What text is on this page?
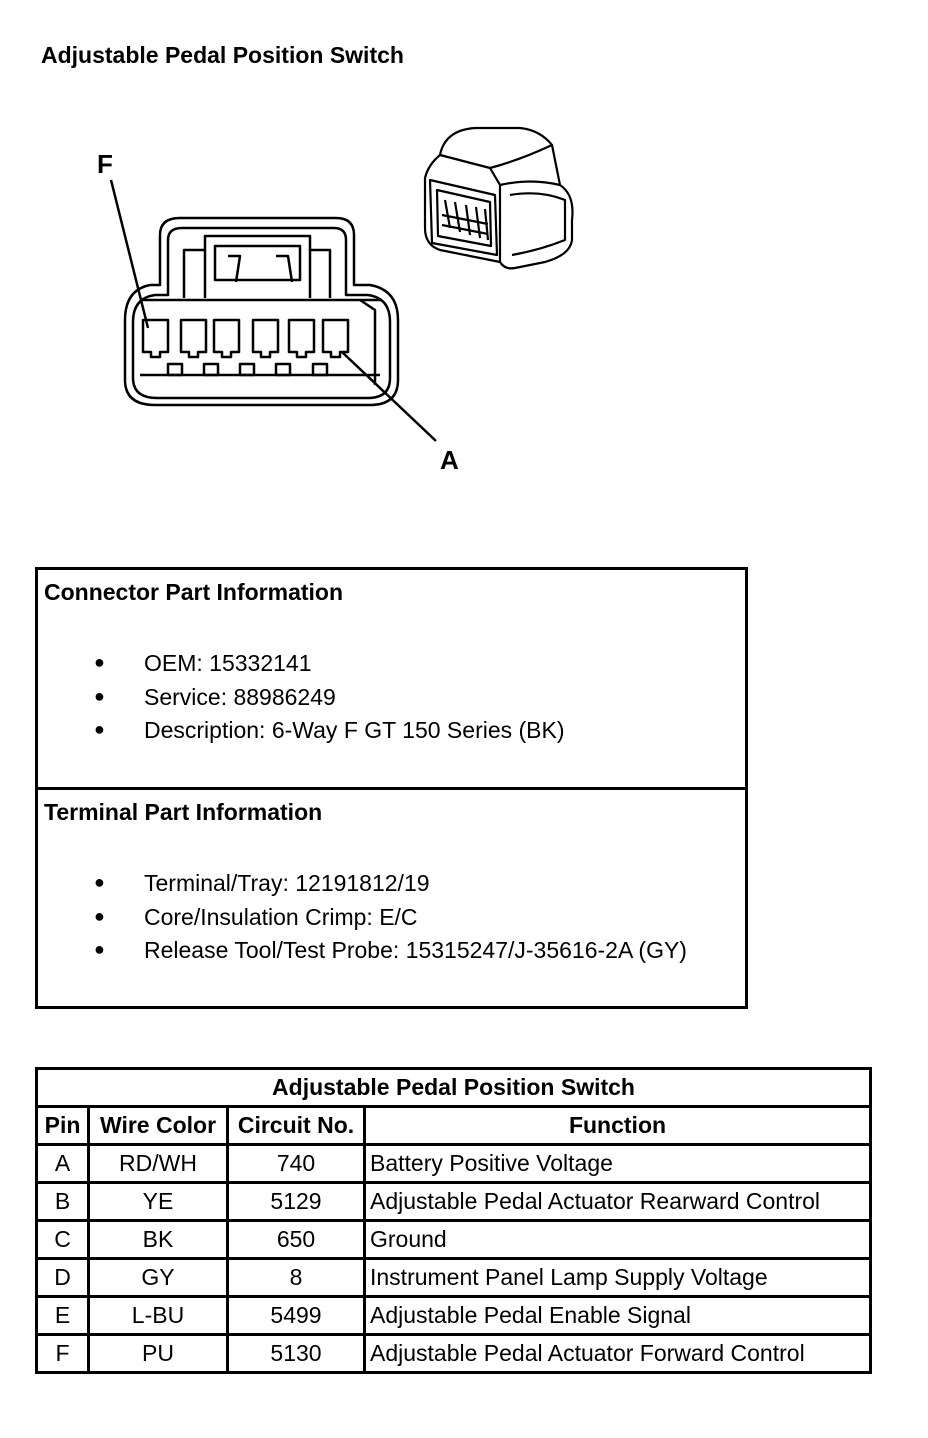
Adjustable Pedal Position Switch
F
A
Connector Part Information
● OEM: 15332141
● Service: 88986249
● Description: 6-Way F GT 150 Series (BK)
Terminal Part Information
● Terminal/Tray: 12191812/19
● Core/Insulation Crimp: E/C
● Release Tool/Test Probe: 15315247/J-35616-2A (GY)
Adjustable Pedal Position Switch			
Pin	Wire Color	Circuit No.	Function
A	RD/WH	740	Battery Positive Voltage
B	YE	5129	Adjustable Pedal Actuator Rearward Control
C	BK	650	Ground
D	GY	8	Instrument Panel Lamp Supply Voltage
E	L-BU	5499	Adjustable Pedal Enable Signal
F	PU	5130	Adjustable Pedal Actuator Forward Control
